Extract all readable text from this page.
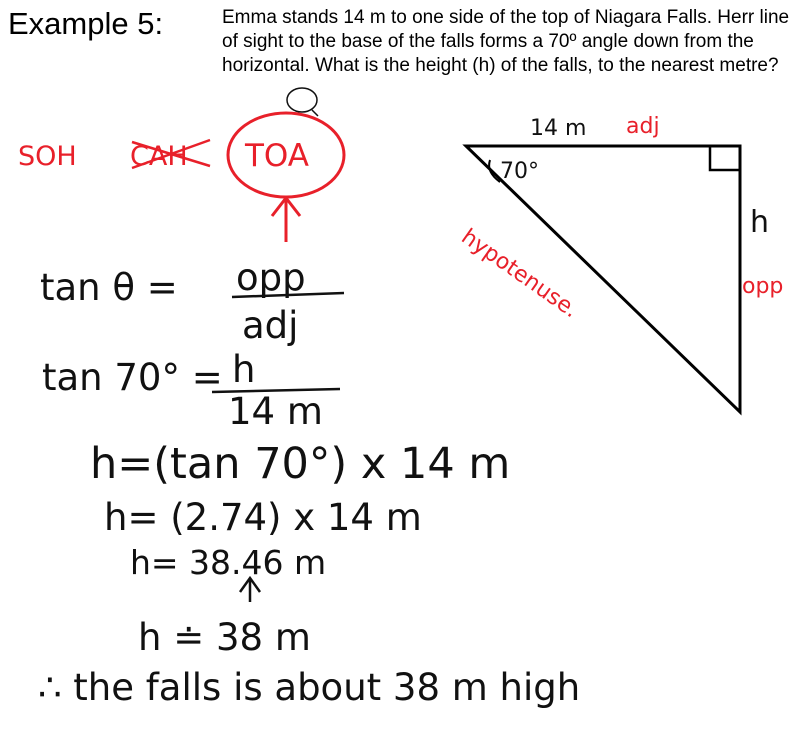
Example 5:	Emma stands 14 m to one side of the top of Niagara Falls. Herr line of sight to the base of the falls forms a 70º angle down from the horizontal. What is the height (h) of the falls, to the nearest metre?
SOH CAH TOA
14 m adj
70°
h
opp
hypotenuse.
tan θ = opp
adj
tan 70° = h
14 m
h=(tan 70°) x 14 m
h= (2.74) x 14 m
h= 38.46 m
h ≐ 38 m
∴ the falls is about 38 m high
